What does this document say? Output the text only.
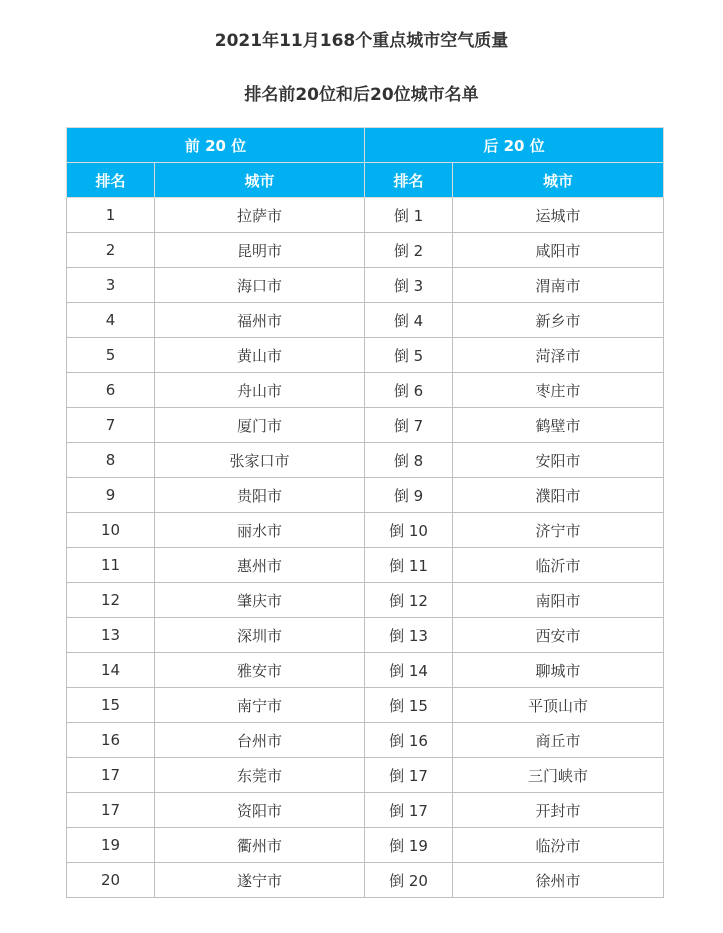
2021年11月168个重点城市空气质量
排名前20位和后20位城市名单
前 20 位		后 20 位	
排名	城市	排名	城市
1	拉萨市	倒 1	运城市
2	昆明市	倒 2	咸阳市
3	海口市	倒 3	渭南市
4	福州市	倒 4	新乡市
5	黄山市	倒 5	菏泽市
6	舟山市	倒 6	枣庄市
7	厦门市	倒 7	鹤壁市
8	张家口市	倒 8	安阳市
9	贵阳市	倒 9	濮阳市
10	丽水市	倒 10	济宁市
11	惠州市	倒 11	临沂市
12	肇庆市	倒 12	南阳市
13	深圳市	倒 13	西安市
14	雅安市	倒 14	聊城市
15	南宁市	倒 15	平顶山市
16	台州市	倒 16	商丘市
17	东莞市	倒 17	三门峡市
17	资阳市	倒 17	开封市
19	衢州市	倒 19	临汾市
20	遂宁市	倒 20	徐州市
